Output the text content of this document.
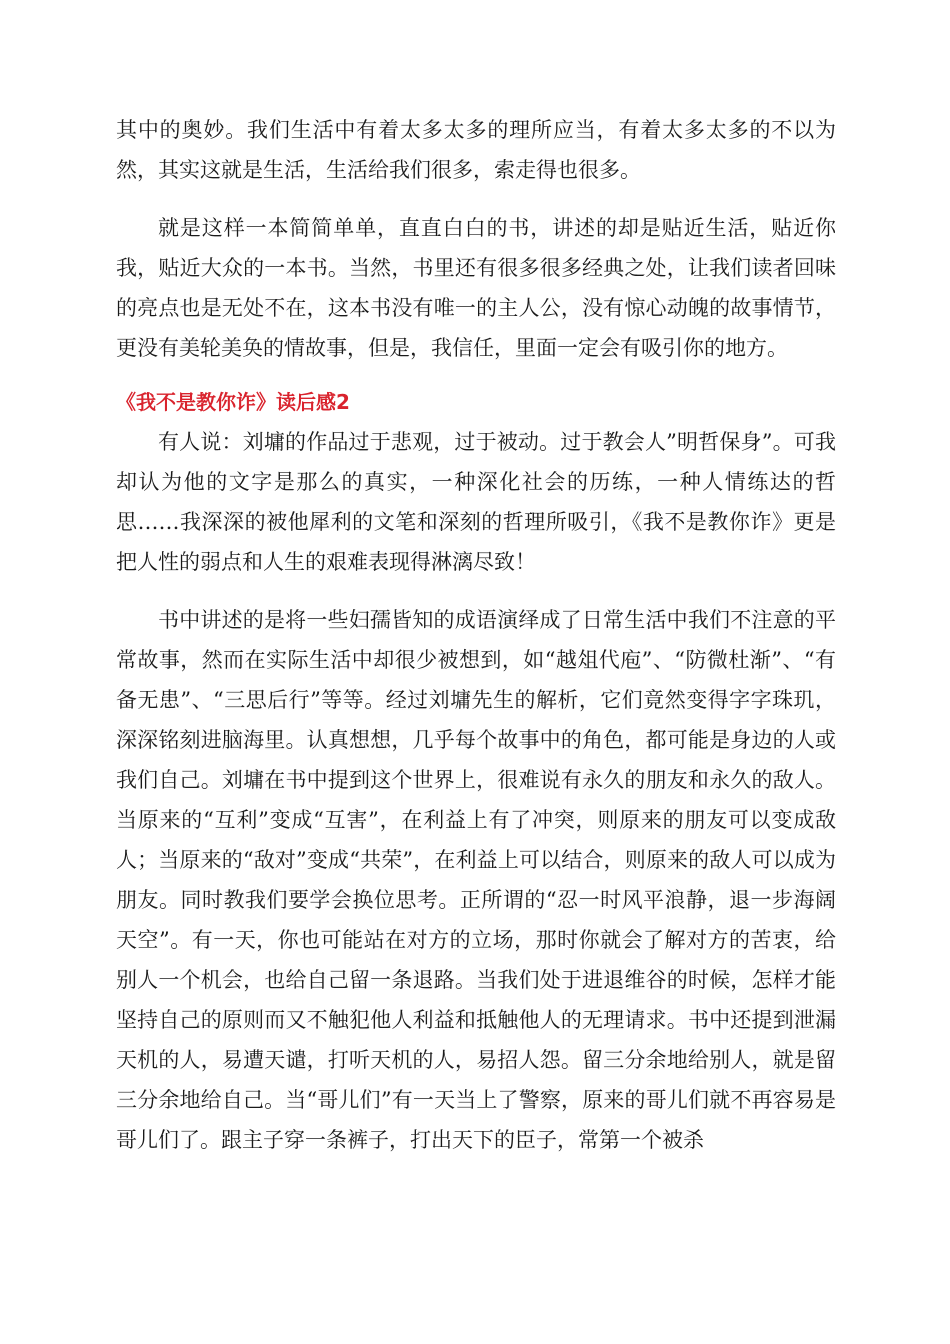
其中的奥妙。我们生活中有着太多太多的理所应当，有着太多太多的不以为然，其实这就是生活，生活给我们很多，索走得也很多。

就是这样一本简简单单，直直白白的书，讲述的却是贴近生活，贴近你我，贴近大众的一本书。当然，书里还有很多很多经典之处，让我们读者回味的亮点也是无处不在，这本书没有唯一的主人公，没有惊心动魄的故事情节，更没有美轮美奂的情故事，但是，我信任，里面一定会有吸引你的地方。

《我不是教你诈》读后感2

有人说：刘墉的作品过于悲观，过于被动。过于教会人”明哲保身”。可我却认为他的文字是那么的真实，一种深化社会的历练，一种人情练达的哲思……我深深的被他犀利的文笔和深刻的哲理所吸引，《我不是教你诈》更是把人性的弱点和人生的艰难表现得淋漓尽致！

书中讲述的是将一些妇孺皆知的成语演绎成了日常生活中我们不注意的平常故事，然而在实际生活中却很少被想到，如“越俎代庖”、“防微杜渐”、“有备无患”、“三思后行”等等。经过刘墉先生的解析，它们竟然变得字字珠玑，深深铭刻进脑海里。认真想想，几乎每个故事中的角色，都可能是身边的人或我们自己。刘墉在书中提到这个世界上，很难说有永久的朋友和永久的敌人。当原来的“互利”变成“互害”，在利益上有了冲突，则原来的朋友可以变成敌人；当原来的“敌对”变成“共荣”，在利益上可以结合，则原来的敌人可以成为朋友。同时教我们要学会换位思考。正所谓的“忍一时风平浪静，退一步海阔天空”。有一天，你也可能站在对方的立场，那时你就会了解对方的苦衷，给别人一个机会，也给自己留一条退路。当我们处于进退维谷的时候，怎样才能坚持自己的原则而又不触犯他人利益和抵触他人的无理请求。书中还提到泄漏天机的人，易遭天谴，打听天机的人，易招人怨。留三分余地给别人，就是留三分余地给自己。当“哥儿们”有一天当上了警察，原来的哥儿们就不再容易是哥儿们了。跟主子穿一条裤子，打出天下的臣子，常第一个被杀
